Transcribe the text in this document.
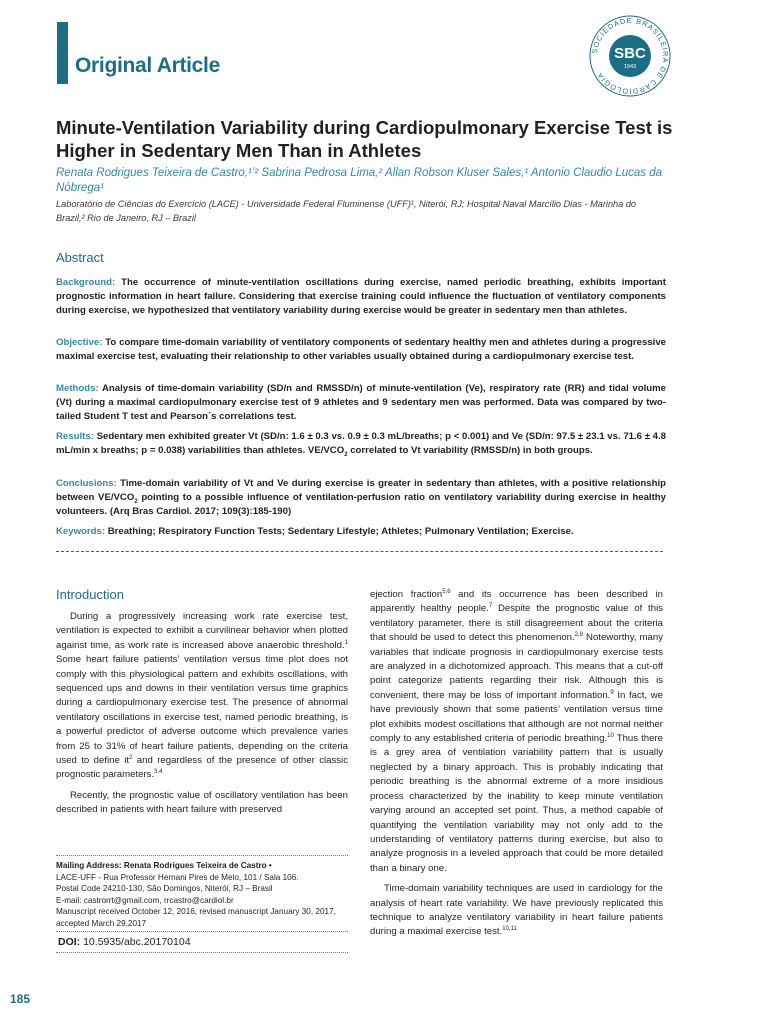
Original Article
SOCIEDADE BRASILEIRA DE CARDIOLOGIA
SBC
1943
Minute-Ventilation Variability during Cardiopulmonary Exercise Test is Higher in Sedentary Men Than in Athletes
Renata Rodrigues Teixeira de Castro,¹ʼ² Sabrina Pedrosa Lima,² Allan Robson Kluser Sales,¹ Antonio Claudio Lucas da Nóbrega¹
Laboratório de Ciências do Exercício (LACE) - Universidade Federal Fluminense (UFF)¹, Niterói, RJ; Hospital Naval Marcílio Dias - Marinha do Brazil,² Rio de Janeiro, RJ – Brazil
Abstract
Background: The occurrence of minute-ventilation oscillations during exercise, named periodic breathing, exhibits important prognostic information in heart failure. Considering that exercise training could influence the fluctuation of ventilatory components during exercise, we hypothesized that ventilatory variability during exercise would be greater in sedentary men than athletes.
Objective: To compare time-domain variability of ventilatory components of sedentary healthy men and athletes during a progressive maximal exercise test, evaluating their relationship to other variables usually obtained during a cardiopulmonary exercise test.
Methods: Analysis of time-domain variability (SD/n and RMSSD/n) of minute-ventilation (Ve), respiratory rate (RR) and tidal volume (Vt) during a maximal cardiopulmonary exercise test of 9 athletes and 9 sedentary men was performed. Data was compared by two-tailed Student T test and Pearson´s correlations test.
Results: Sedentary men exhibited greater Vt (SD/n: 1.6 ± 0.3 vs. 0.9 ± 0.3 mL/breaths; p < 0.001) and Ve (SD/n: 97.5 ± 23.1 vs. 71.6 ± 4.8 mL/min x breaths; p = 0.038) variabilities than athletes. $VE/VCO_2$ correlated to Vt variability (RMSSD/n) in both groups.
Conclusions: Time-domain variability of Vt and Ve during exercise is greater in sedentary than athletes, with a positive relationship between $VE/VCO_2$ pointing to a possible influence of ventilation-perfusion ratio on ventilatory variability during exercise in healthy volunteers. (Arq Bras Cardiol. 2017; 109(3):185-190)
Keywords: Breathing; Respiratory Function Tests; Sedentary Lifestyle; Athletes; Pulmonary Ventilation; Exercise.
Introduction

During a progressively increasing work rate exercise test, ventilation is expected to exhibit a curvilinear behavior when plotted against time, as work rate is increased above anaerobic threshold.$^1$ Some heart failure patients’ ventilation versus time plot does not comply with this physiological pattern and exhibits oscillations, with sequenced ups and downs in their ventilation versus time graphics during a cardiopulmonary exercise test. The presence of abnormal ventilatory oscillations in exercise test, named periodic breathing, is a powerful predictor of adverse outcome which prevalence varies from 25 to 31% of heart failure patients, depending on the criteria used to define $it^2$ and regardless of the presence of other classic prognostic parameters.$^{3,4}$

Recently, the prognostic value of oscillatory ventilation has been described in patients with heart failure with preserved

ejection fraction$^{5,6}$ and its occurrence has been described in apparently healthy people.$^7$ Despite the prognostic value of this ventilatory parameter, there is still disagreement about the criteria that should be used to detect this phenomenon.$^{2,8}$ Noteworthy, many variables that indicate prognosis in cardiopulmonary exercise tests are analyzed in a dichotomized approach. This means that a cut-off point categorize patients regarding their risk. Although this is convenient, there may be loss of important information.$^9$ In fact, we have previously shown that some patients’ ventilation versus time plot exhibits modest oscillations that although are not normal neither comply to any established criteria of periodic breathing.$^{10}$ Thus there is a grey area of ventilation variability pattern that is usually neglected by a binary approach. This is probably indicating that periodic breathing is the abnormal extreme of a more insidious process characterized by the inability to keep minute ventilation varying around an accepted set point. Thus, a method capable of quantifying the ventilation variability may not only add to the understanding of ventilatory patterns during exercise, but also to analyze prognosis in a leveled approach that could be more detailed than a binary one.

Time-domain variability techniques are used in cardiology for the analysis of heart rate variability. We have previously replicated this technique to analyze ventilatory variability in heart failure patients during a maximal exercise test.$^{10,11}$

Mailing Address: Renata Rodrigues Teixeira de Castro •
LACE-UFF - Rua Professor Hernani Pires de Melo, 101 / Sala 106.
Postal Code 24210-130, São Domingos, Niterói, RJ – Brasil
E-mail: castrorrt@gmail.com, rrcastro@cardiol.br
Manuscript received October 12, 2016, revised manuscript January 30, 2017, accepted March 29,2017
DOI: 10.5935/abc.20170104
185
